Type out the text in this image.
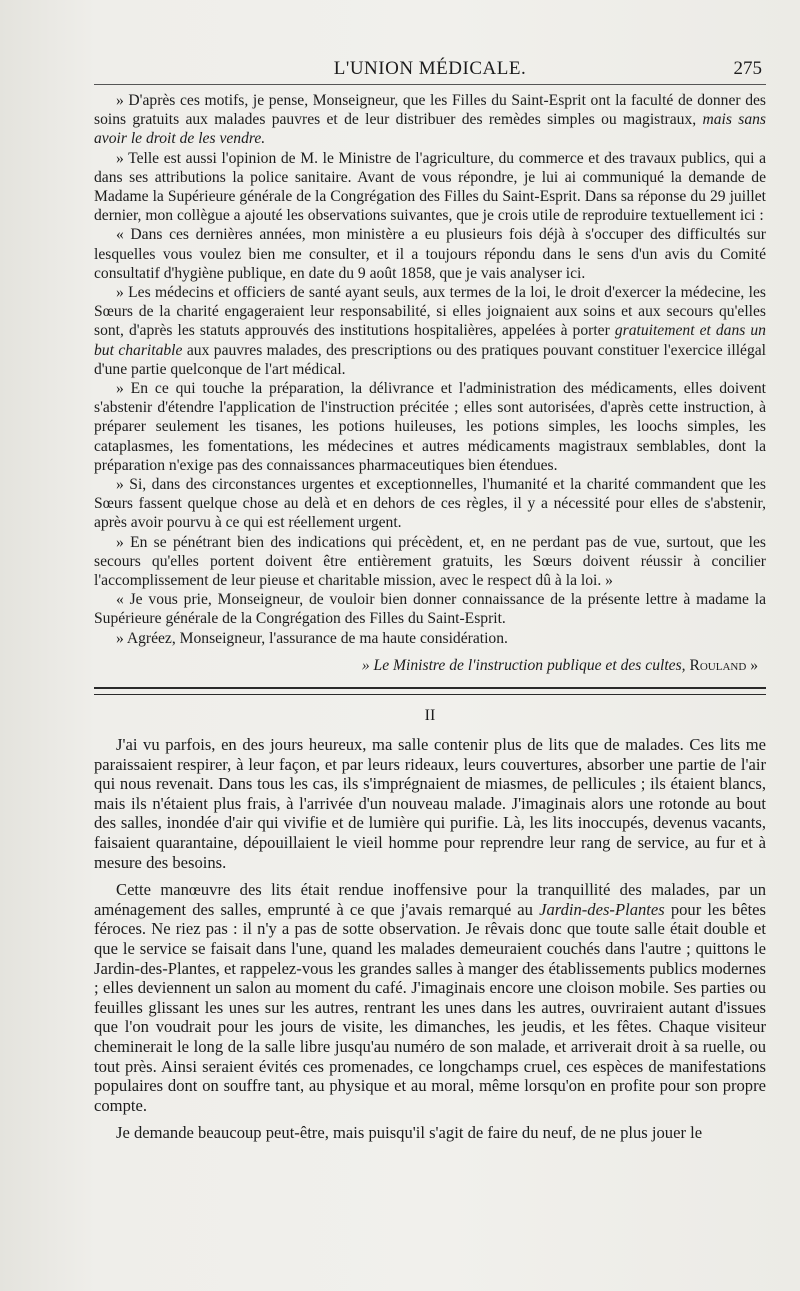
L'UNION MÉDICALE.	275

» D'après ces motifs, je pense, Monseigneur, que les Filles du Saint-Esprit ont la faculté de donner des soins gratuits aux malades pauvres et de leur distribuer des remèdes simples ou magistraux, mais sans avoir le droit de les vendre.

» Telle est aussi l'opinion de M. le Ministre de l'agriculture, du commerce et des travaux publics, qui a dans ses attributions la police sanitaire. Avant de vous répondre, je lui ai communiqué la demande de Madame la Supérieure générale de la Congrégation des Filles du Saint-Esprit. Dans sa réponse du 29 juillet dernier, mon collègue a ajouté les observations suivantes, que je crois utile de reproduire textuellement ici :

« Dans ces dernières années, mon ministère a eu plusieurs fois déjà à s'occuper des difficultés sur lesquelles vous voulez bien me consulter, et il a toujours répondu dans le sens d'un avis du Comité consultatif d'hygiène publique, en date du 9 août 1858, que je vais analyser ici.

» Les médecins et officiers de santé ayant seuls, aux termes de la loi, le droit d'exercer la médecine, les Sœurs de la charité engageraient leur responsabilité, si elles joignaient aux soins et aux secours qu'elles sont, d'après les statuts approuvés des institutions hospitalières, appelées à porter gratuitement et dans un but charitable aux pauvres malades, des prescriptions ou des pratiques pouvant constituer l'exercice illégal d'une partie quelconque de l'art médical.

» En ce qui touche la préparation, la délivrance et l'administration des médicaments, elles doivent s'abstenir d'étendre l'application de l'instruction précitée ; elles sont autorisées, d'après cette instruction, à préparer seulement les tisanes, les potions huileuses, les potions simples, les loochs simples, les cataplasmes, les fomentations, les médecines et autres médicaments magistraux semblables, dont la préparation n'exige pas des connaissances pharmaceutiques bien étendues.

» Si, dans des circonstances urgentes et exceptionnelles, l'humanité et la charité commandent que les Sœurs fassent quelque chose au delà et en dehors de ces règles, il y a nécessité pour elles de s'abstenir, après avoir pourvu à ce qui est réellement urgent.

» En se pénétrant bien des indications qui précèdent, et, en ne perdant pas de vue, surtout, que les secours qu'elles portent doivent être entièrement gratuits, les Sœurs doivent réussir à concilier l'accomplissement de leur pieuse et charitable mission, avec le respect dû à la loi. »

« Je vous prie, Monseigneur, de vouloir bien donner connaissance de la présente lettre à madame la Supérieure générale de la Congrégation des Filles du Saint-Esprit.

» Agréez, Monseigneur, l'assurance de ma haute considération.

» Le Ministre de l'instruction publique et des cultes, Rouland »
II

J'ai vu parfois, en des jours heureux, ma salle contenir plus de lits que de malades. Ces lits me paraissaient respirer, à leur façon, et par leurs rideaux, leurs couvertures, absorber une partie de l'air qui nous revenait. Dans tous les cas, ils s'imprégnaient de miasmes, de pellicules ; ils étaient blancs, mais ils n'étaient plus frais, à l'arrivée d'un nouveau malade. J'imaginais alors une rotonde au bout des salles, inondée d'air qui vivifie et de lumière qui purifie. Là, les lits inoccupés, devenus vacants, faisaient quarantaine, dépouillaient le vieil homme pour reprendre leur rang de service, au fur et à mesure des besoins.

Cette manœuvre des lits était rendue inoffensive pour la tranquillité des malades, par un aménagement des salles, emprunté à ce que j'avais remarqué au Jardin-des-Plantes pour les bêtes féroces. Ne riez pas : il n'y a pas de sotte observation. Je rêvais donc que toute salle était double et que le service se faisait dans l'une, quand les malades demeuraient couchés dans l'autre ; quittons le Jardin-des-Plantes, et rappelez-vous les grandes salles à manger des établissements publics modernes ; elles deviennent un salon au moment du café. J'imaginais encore une cloison mobile. Ses parties ou feuilles glissant les unes sur les autres, rentrant les unes dans les autres, ouvriraient autant d'issues que l'on voudrait pour les jours de visite, les dimanches, les jeudis, et les fêtes. Chaque visiteur cheminerait le long de la salle libre jusqu'au numéro de son malade, et arriverait droit à sa ruelle, ou tout près. Ainsi seraient évités ces promenades, ce longchamps cruel, ces espèces de manifestations populaires dont on souffre tant, au physique et au moral, même lorsqu'on en profite pour son propre compte.

Je demande beaucoup peut-être, mais puisqu'il s'agit de faire du neuf, de ne plus jouer le
